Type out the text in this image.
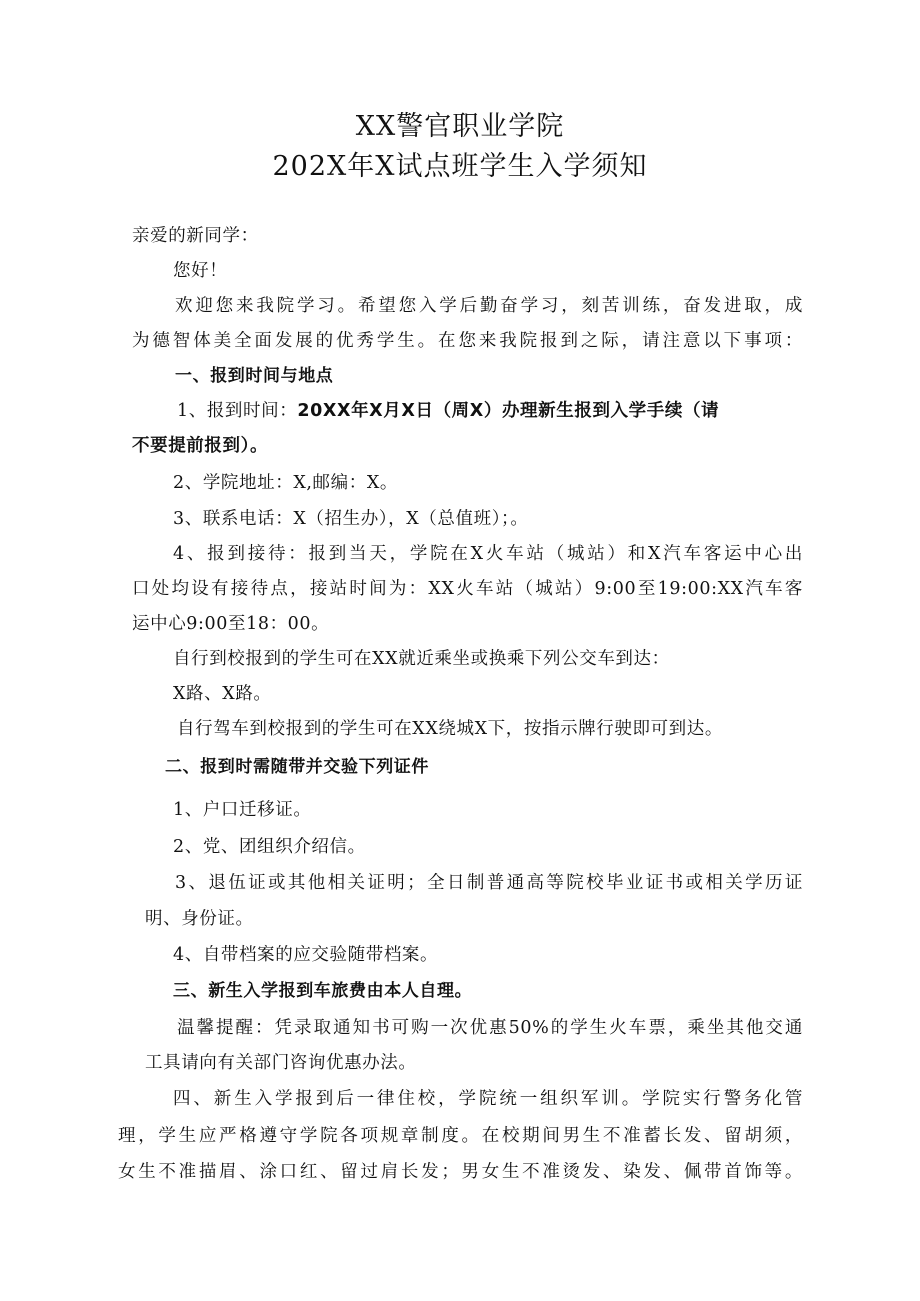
XX警官职业学院
202X年X试点班学生入学须知
亲爱的新同学：
您好！
欢迎您来我院学习。希望您入学后勤奋学习，刻苦训练，奋发进取，成
为德智体美全面发展的优秀学生。在您来我院报到之际，请注意以下事项：
一、报到时间与地点
1、报到时间：20XX年X月X日（周X）办理新生报到入学手续（请
不要提前报到）。
2、学院地址：X,邮编：X。
3、联系电话：X（招生办），X（总值班）；。
4、报到接待：报到当天，学院在X火车站（城站）和X汽车客运中心出
口处均设有接待点，接站时间为：XX火车站（城站）9:00至19:00:XX汽车客
运中心9:00至18：00。
自行到校报到的学生可在XX就近乘坐或换乘下列公交车到达：
X路、X路。
自行驾车到校报到的学生可在XX绕城X下，按指示牌行驶即可到达。
二、报到时需随带并交验下列证件
1、户口迁移证。
2、党、团组织介绍信。
3、退伍证或其他相关证明；全日制普通高等院校毕业证书或相关学历证
明、身份证。
4、自带档案的应交验随带档案。
三、新生入学报到车旅费由本人自理。
温馨提醒：凭录取通知书可购一次优惠50%的学生火车票，乘坐其他交通
工具请向有关部门咨询优惠办法。
四、新生入学报到后一律住校，学院统一组织军训。学院实行警务化管
理，学生应严格遵守学院各项规章制度。在校期间男生不准蓄长发、留胡须，
女生不准描眉、涂口红、留过肩长发；男女生不准烫发、染发、佩带首饰等。
